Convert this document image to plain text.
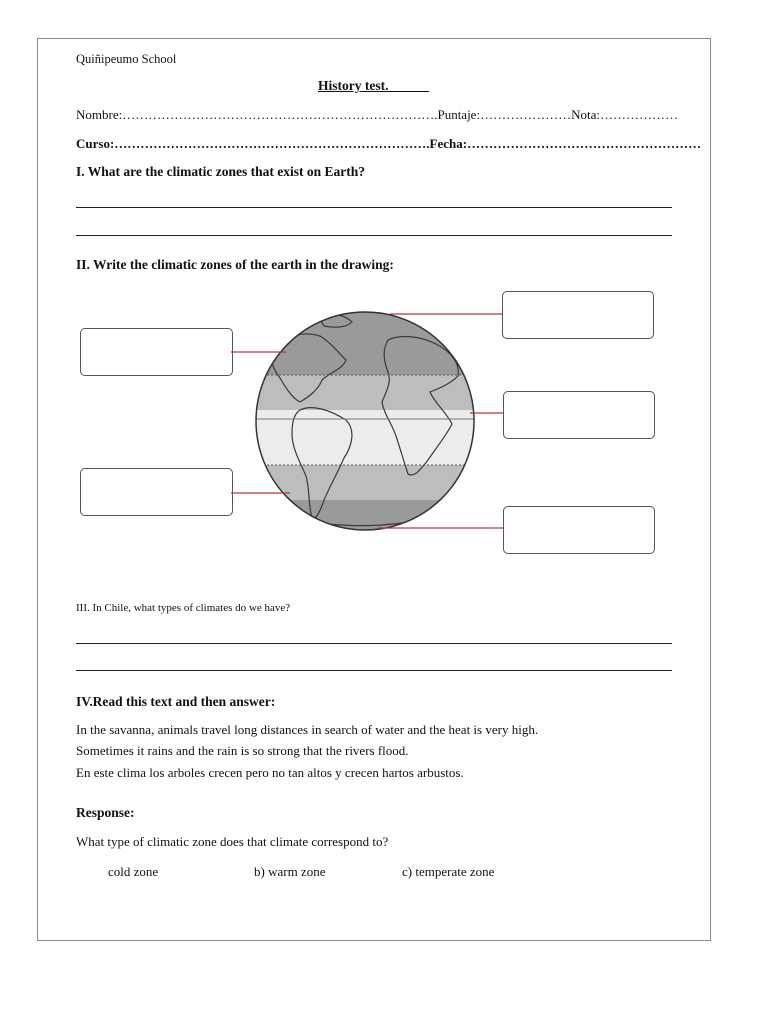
Quiñipeumo School
History test.______
Nombre:……………………………………………………………….Puntaje:…………………Nota:………………
Curso:……………………………………………………………….Fecha:………………………………………………
I. What are the climatic zones that exist on Earth?
II. Write the climatic zones of the earth in the drawing:
III. In Chile, what types of climates do we have?
IV.Read this text and then answer:
In the savanna, animals travel long distances in search of water and the heat is very high.
Sometimes it rains and the rain is so strong that the rivers flood.
En este clima los arboles crecen pero no tan altos y crecen hartos arbustos.
Response:
What type of climatic zone does that climate correspond to?
cold zone	b) warm zone	c) temperate zone
